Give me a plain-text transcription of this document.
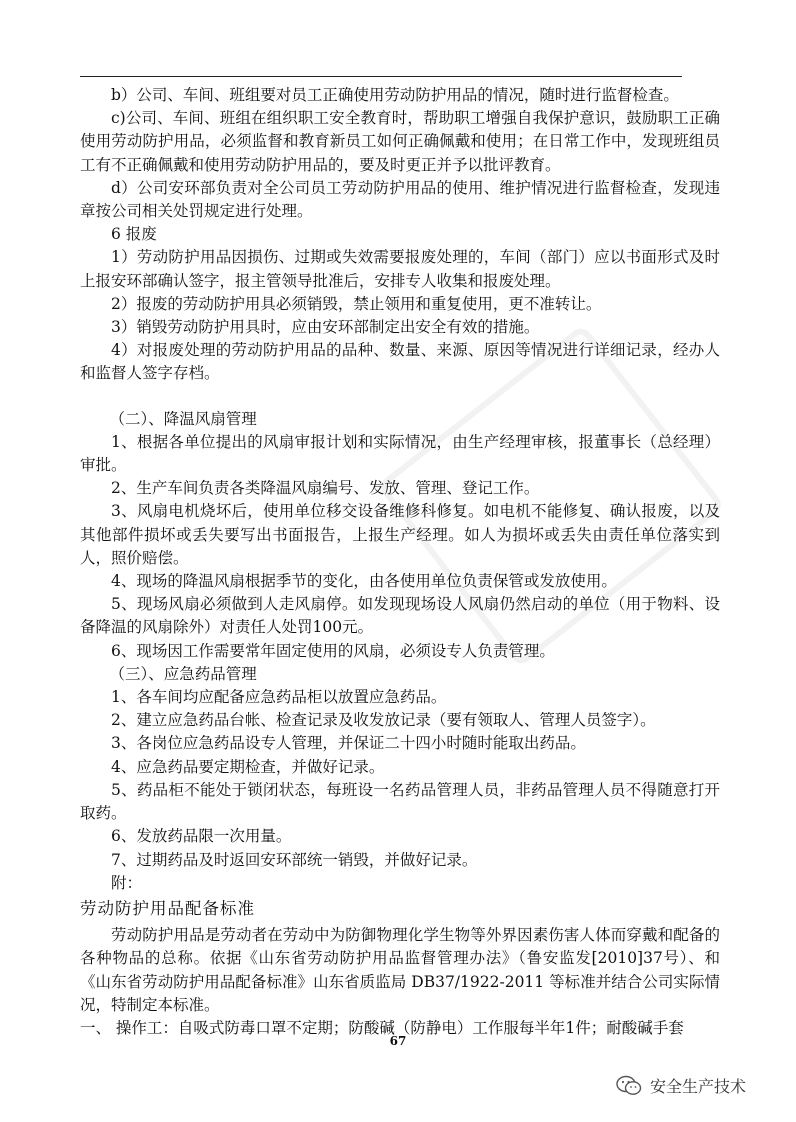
b）公司、车间、班组要对员工正确使用劳动防护用品的情况，随时进行监督检查。

c)公司、车间、班组在组织职工安全教育时，帮助职工增强自我保护意识，鼓励职工正确使用劳动防护用品，必须监督和教育新员工如何正确佩戴和使用；在日常工作中，发现班组员工有不正确佩戴和使用劳动防护用品的，要及时更正并予以批评教育。

d）公司安环部负责对全公司员工劳动防护用品的使用、维护情况进行监督检查，发现违章按公司相关处罚规定进行处理。

6 报废

1）劳动防护用品因损伤、过期或失效需要报废处理的，车间（部门）应以书面形式及时上报安环部确认签字，报主管领导批准后，安排专人收集和报废处理。

2）报废的劳动防护用具必须销毁，禁止领用和重复使用，更不准转让。

3）销毁劳动防护用具时，应由安环部制定出安全有效的措施。

4）对报废处理的劳动防护用品的品种、数量、来源、原因等情况进行详细记录，经办人和监督人签字存档。

（二）、降温风扇管理

1、根据各单位提出的风扇审报计划和实际情况，由生产经理审核，报董事长（总经理）审批。

2、生产车间负责各类降温风扇编号、发放、管理、登记工作。

3、风扇电机烧坏后，使用单位移交设备维修科修复。如电机不能修复、确认报废，以及其他部件损坏或丢失要写出书面报告，上报生产经理。如人为损坏或丢失由责任单位落实到人，照价赔偿。

4、现场的降温风扇根据季节的变化，由各使用单位负责保管或发放使用。

5、现场风扇必须做到人走风扇停。如发现现场设人风扇仍然启动的单位（用于物料、设备降温的风扇除外）对责任人处罚100元。

6、现场因工作需要常年固定使用的风扇，必须设专人负责管理。

（三）、应急药品管理

1、各车间均应配备应急药品柜以放置应急药品。

2、建立应急药品台帐、检查记录及收发放记录（要有领取人、管理人员签字）。

3、各岗位应急药品设专人管理，并保证二十四小时随时能取出药品。

4、应急药品要定期检查，并做好记录。

5、药品柜不能处于锁闭状态，每班设一名药品管理人员，非药品管理人员不得随意打开取药。

6、发放药品限一次用量。

7、过期药品及时返回安环部统一销毁，并做好记录。

附：

劳动防护用品配备标准

劳动防护用品是劳动者在劳动中为防御物理化学生物等外界因素伤害人体而穿戴和配备的各种物品的总称。依据《山东省劳动防护用品监督管理办法》（鲁安监发[2010]37号）、和《山东省劳动防护用品配备标准》山东省质监局 DB37/1922-2011 等标准并结合公司实际情况，特制定本标准。

一、 操作工：自吸式防毒口罩不定期；防酸碱（防静电）工作服每半年1件；耐酸碱手套

67
安全生产技术
